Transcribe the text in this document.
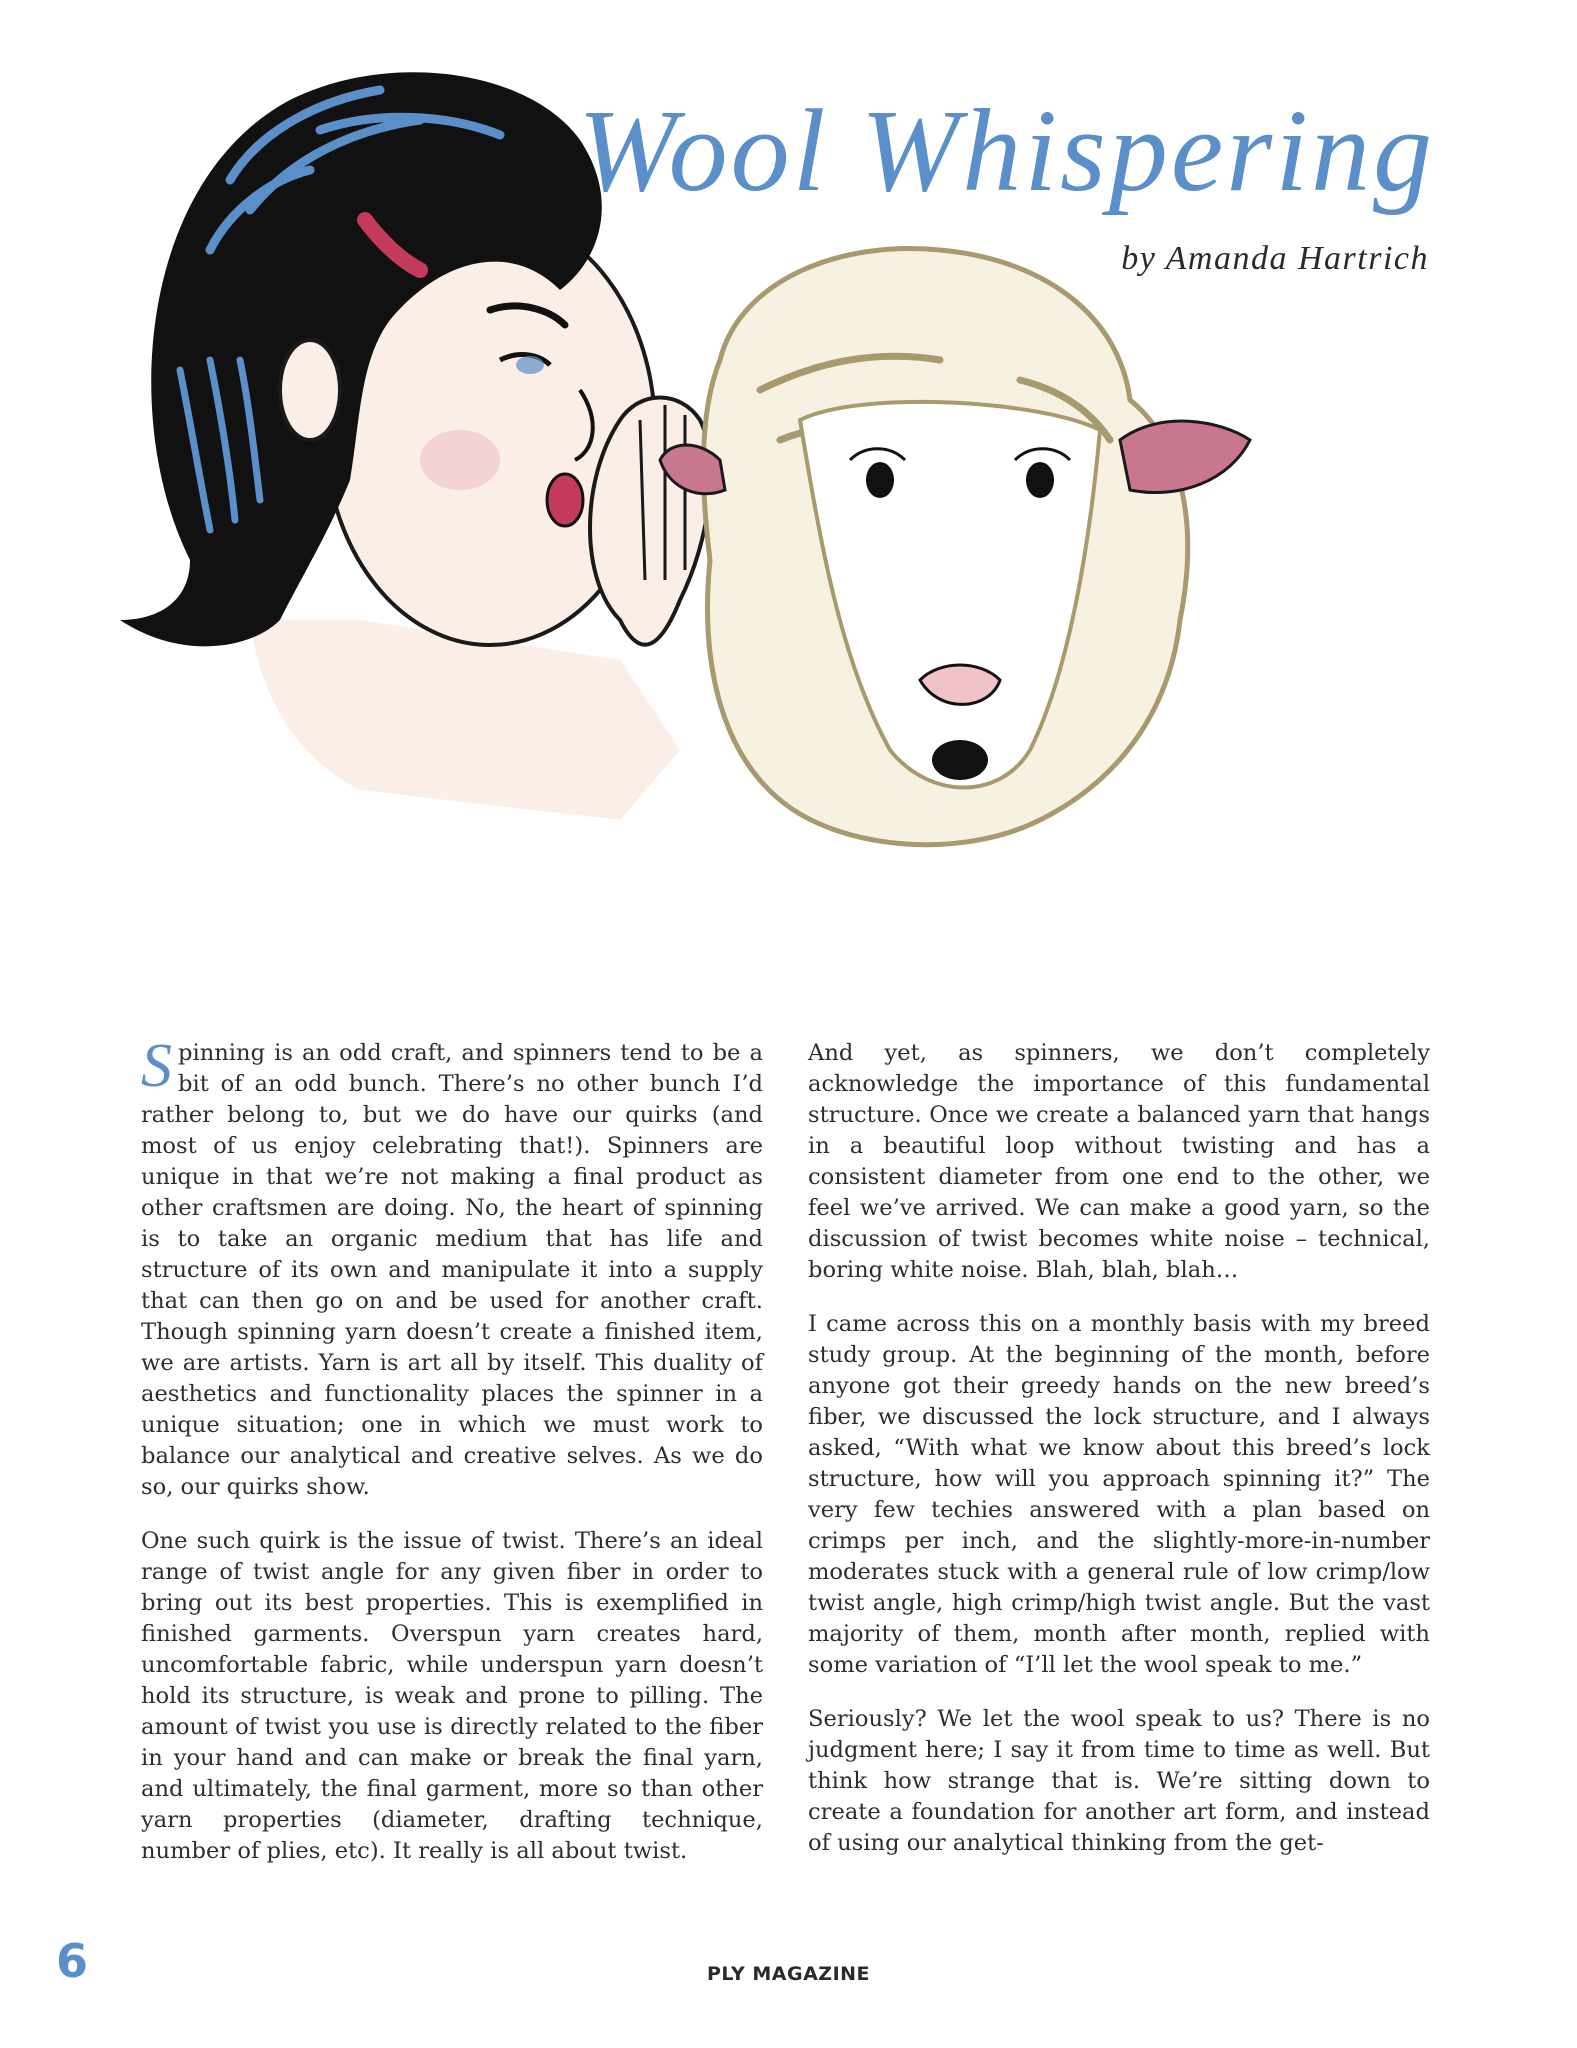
Wool Whispering

by Amanda Hartrich

Spinning is an odd craft, and spinners tend to be a bit of an odd bunch. There’s no other bunch I’d rather belong to, but we do have our quirks (and most of us enjoy celebrating that!). Spinners are unique in that we’re not making a final product as other craftsmen are doing. No, the heart of spinning is to take an organic medium that has life and structure of its own and manipulate it into a supply that can then go on and be used for another craft. Though spinning yarn doesn’t create a finished item, we are artists. Yarn is art all by itself. This duality of aesthetics and functionality places the spinner in a unique situation; one in which we must work to balance our analytical and creative selves. As we do so, our quirks show.

One such quirk is the issue of twist. There’s an ideal range of twist angle for any given fiber in order to bring out its best properties. This is exemplified in finished garments. Overspun yarn creates hard, uncomfortable fabric, while underspun yarn doesn’t hold its structure, is weak and prone to pilling. The amount of twist you use is directly related to the fiber in your hand and can make or break the final yarn, and ultimately, the final garment, more so than other yarn properties (diameter, drafting technique, number of plies, etc). It really is all about twist.

And yet, as spinners, we don’t completely acknowledge the importance of this fundamental structure. Once we create a balanced yarn that hangs in a beautiful loop without twisting and has a consistent diameter from one end to the other, we feel we’ve arrived. We can make a good yarn, so the discussion of twist becomes white noise – technical, boring white noise. Blah, blah, blah…

I came across this on a monthly basis with my breed study group. At the beginning of the month, before anyone got their greedy hands on the new breed’s fiber, we discussed the lock structure, and I always asked, “With what we know about this breed’s lock structure, how will you approach spinning it?” The very few techies answered with a plan based on crimps per inch, and the slightly-more-in-number moderates stuck with a general rule of low crimp/low twist angle, high crimp/high twist angle. But the vast majority of them, month after month, replied with some variation of “I’ll let the wool speak to me.”

Seriously? We let the wool speak to us? There is no judgment here; I say it from time to time as well. But think how strange that is. We’re sitting down to create a foundation for another art form, and instead of using our analytical thinking from the get-

6	PLY MAGAZINE
